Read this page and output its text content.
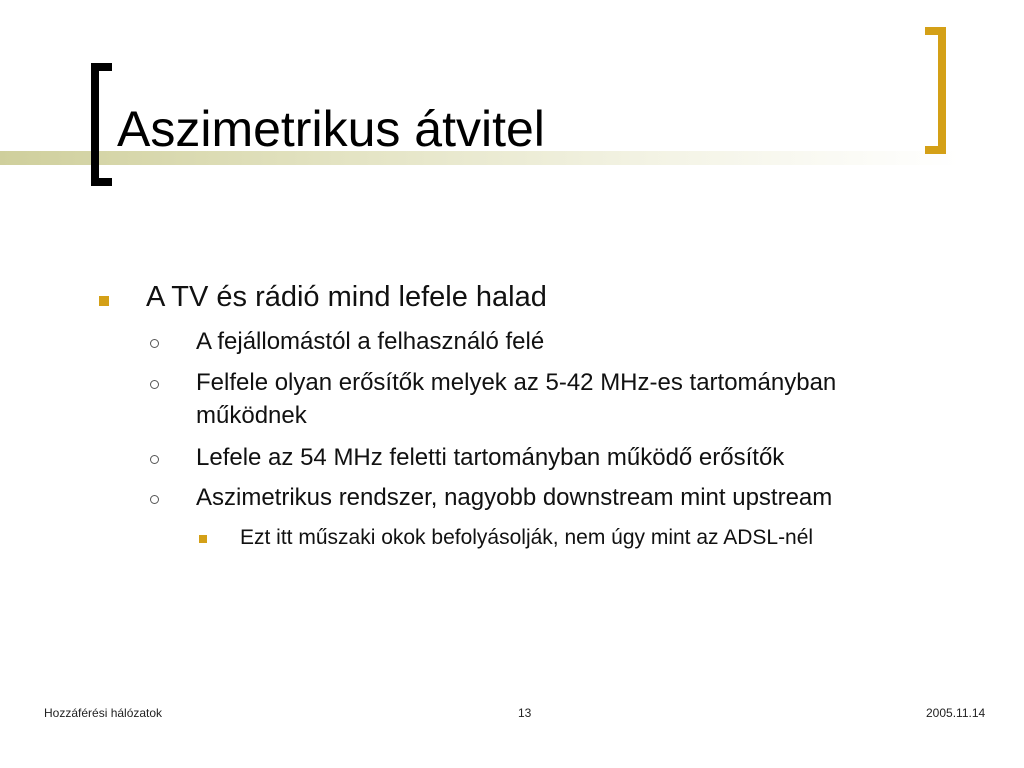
Aszimetrikus átvitel
A TV és rádió mind lefele halad
A fejállomástól a felhasználó felé
Felfele olyan erősítők melyek az 5-42 MHz-es tartományban
működnek
Lefele az 54 MHz feletti tartományban működő erősítők
Aszimetrikus rendszer, nagyobb downstream mint upstream
Ezt itt műszaki okok befolyásolják, nem úgy mint az ADSL-nél
Hozzáférési hálózatok	13	2005.11.14
